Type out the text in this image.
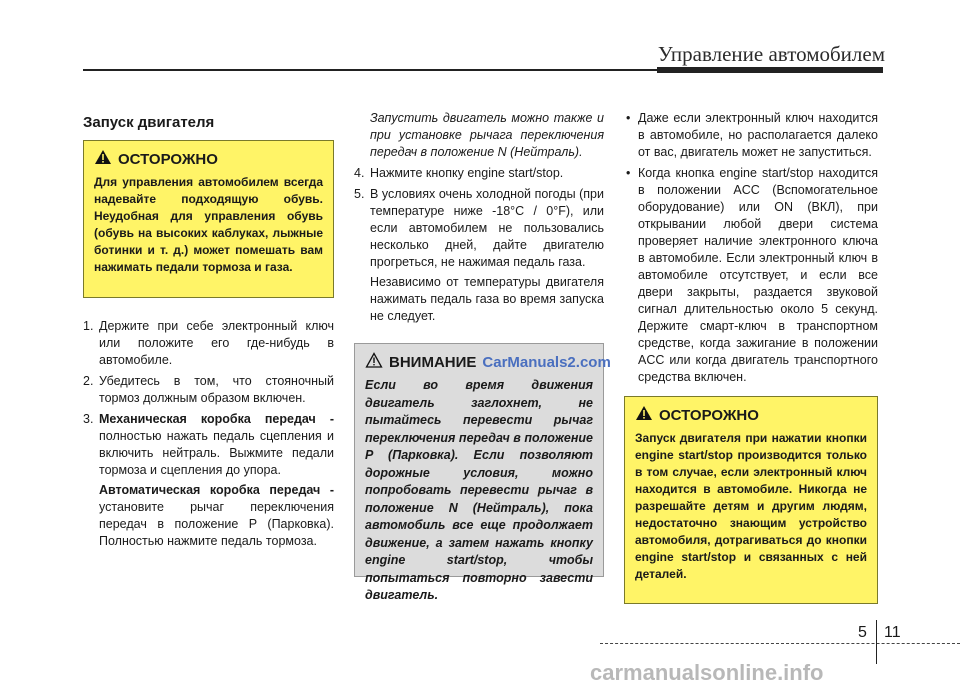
Управление автомобилем
Запуск двигателя
ОСТОРОЖНО
Для управления автомобилем всегда надевайте подходящую обувь. Неудобная для управления обувь (обувь на высоких каблуках, лыжные ботинки и т. д.) может помешать вам нажимать педали тормоза и газа.
1. Держите при себе электронный ключ или положите его где-нибудь в автомобиле.
2. Убедитесь в том, что стояночный тормоз должным образом включен.
3. Механическая коробка передач - полностью нажать педаль сцепления и включить нейтраль. Выжмите педали тормоза и сцепления до упора.
Автоматическая коробка передач - установите рычаг переключения передач в положение P (Парковка). Полностью нажмите педаль тормоза.
Запустить двигатель можно также и при установке рычага переключения передач в положение N (Нейтраль).
4. Нажмите кнопку engine start/stop.
5. В условиях очень холодной погоды (при температуре ниже -18°C / 0°F), или если автомобилем не пользовались несколько дней, дайте двигателю прогреться, не нажимая педаль газа.
Независимо от температуры двигателя нажимать педаль газа во время запуска не следует.
ВНИМАНИЕ CarManuals2.com
Если во время движения двигатель заглохнет, не пытайтесь перевести рычаг переключения передач в положение P (Парковка). Если позволяют дорожные условия, можно попробовать перевести рычаг в положение N (Нейтраль), пока автомобиль все еще продолжает движение, а затем нажать кнопку engine start/stop, чтобы попытаться повторно завести двигатель.
• Даже если электронный ключ находится в автомобиле, но располагается далеко от вас, двигатель может не запуститься.
• Когда кнопка engine start/stop находится в положении ACC (Вспомогательное оборудование) или ON (ВКЛ), при открывании любой двери система проверяет наличие электронного ключа в автомобиле. Если электронный ключ в автомобиле отсутствует, и если все двери закрыты, раздается звуковой сигнал длительностью около 5 секунд. Держите смарт-ключ в транспортном средстве, когда зажигание в положении ACC или когда двигатель транспортного средства включен.
ОСТОРОЖНО
Запуск двигателя при нажатии кнопки engine start/stop производится только в том случае, если электронный ключ находится в автомобиле. Никогда не разрешайте детям и другим людям, недостаточно знающим устройство автомобиля, дотрагиваться до кнопки engine start/stop и связанных с ней деталей.
5 11
carmanualsonline.info
